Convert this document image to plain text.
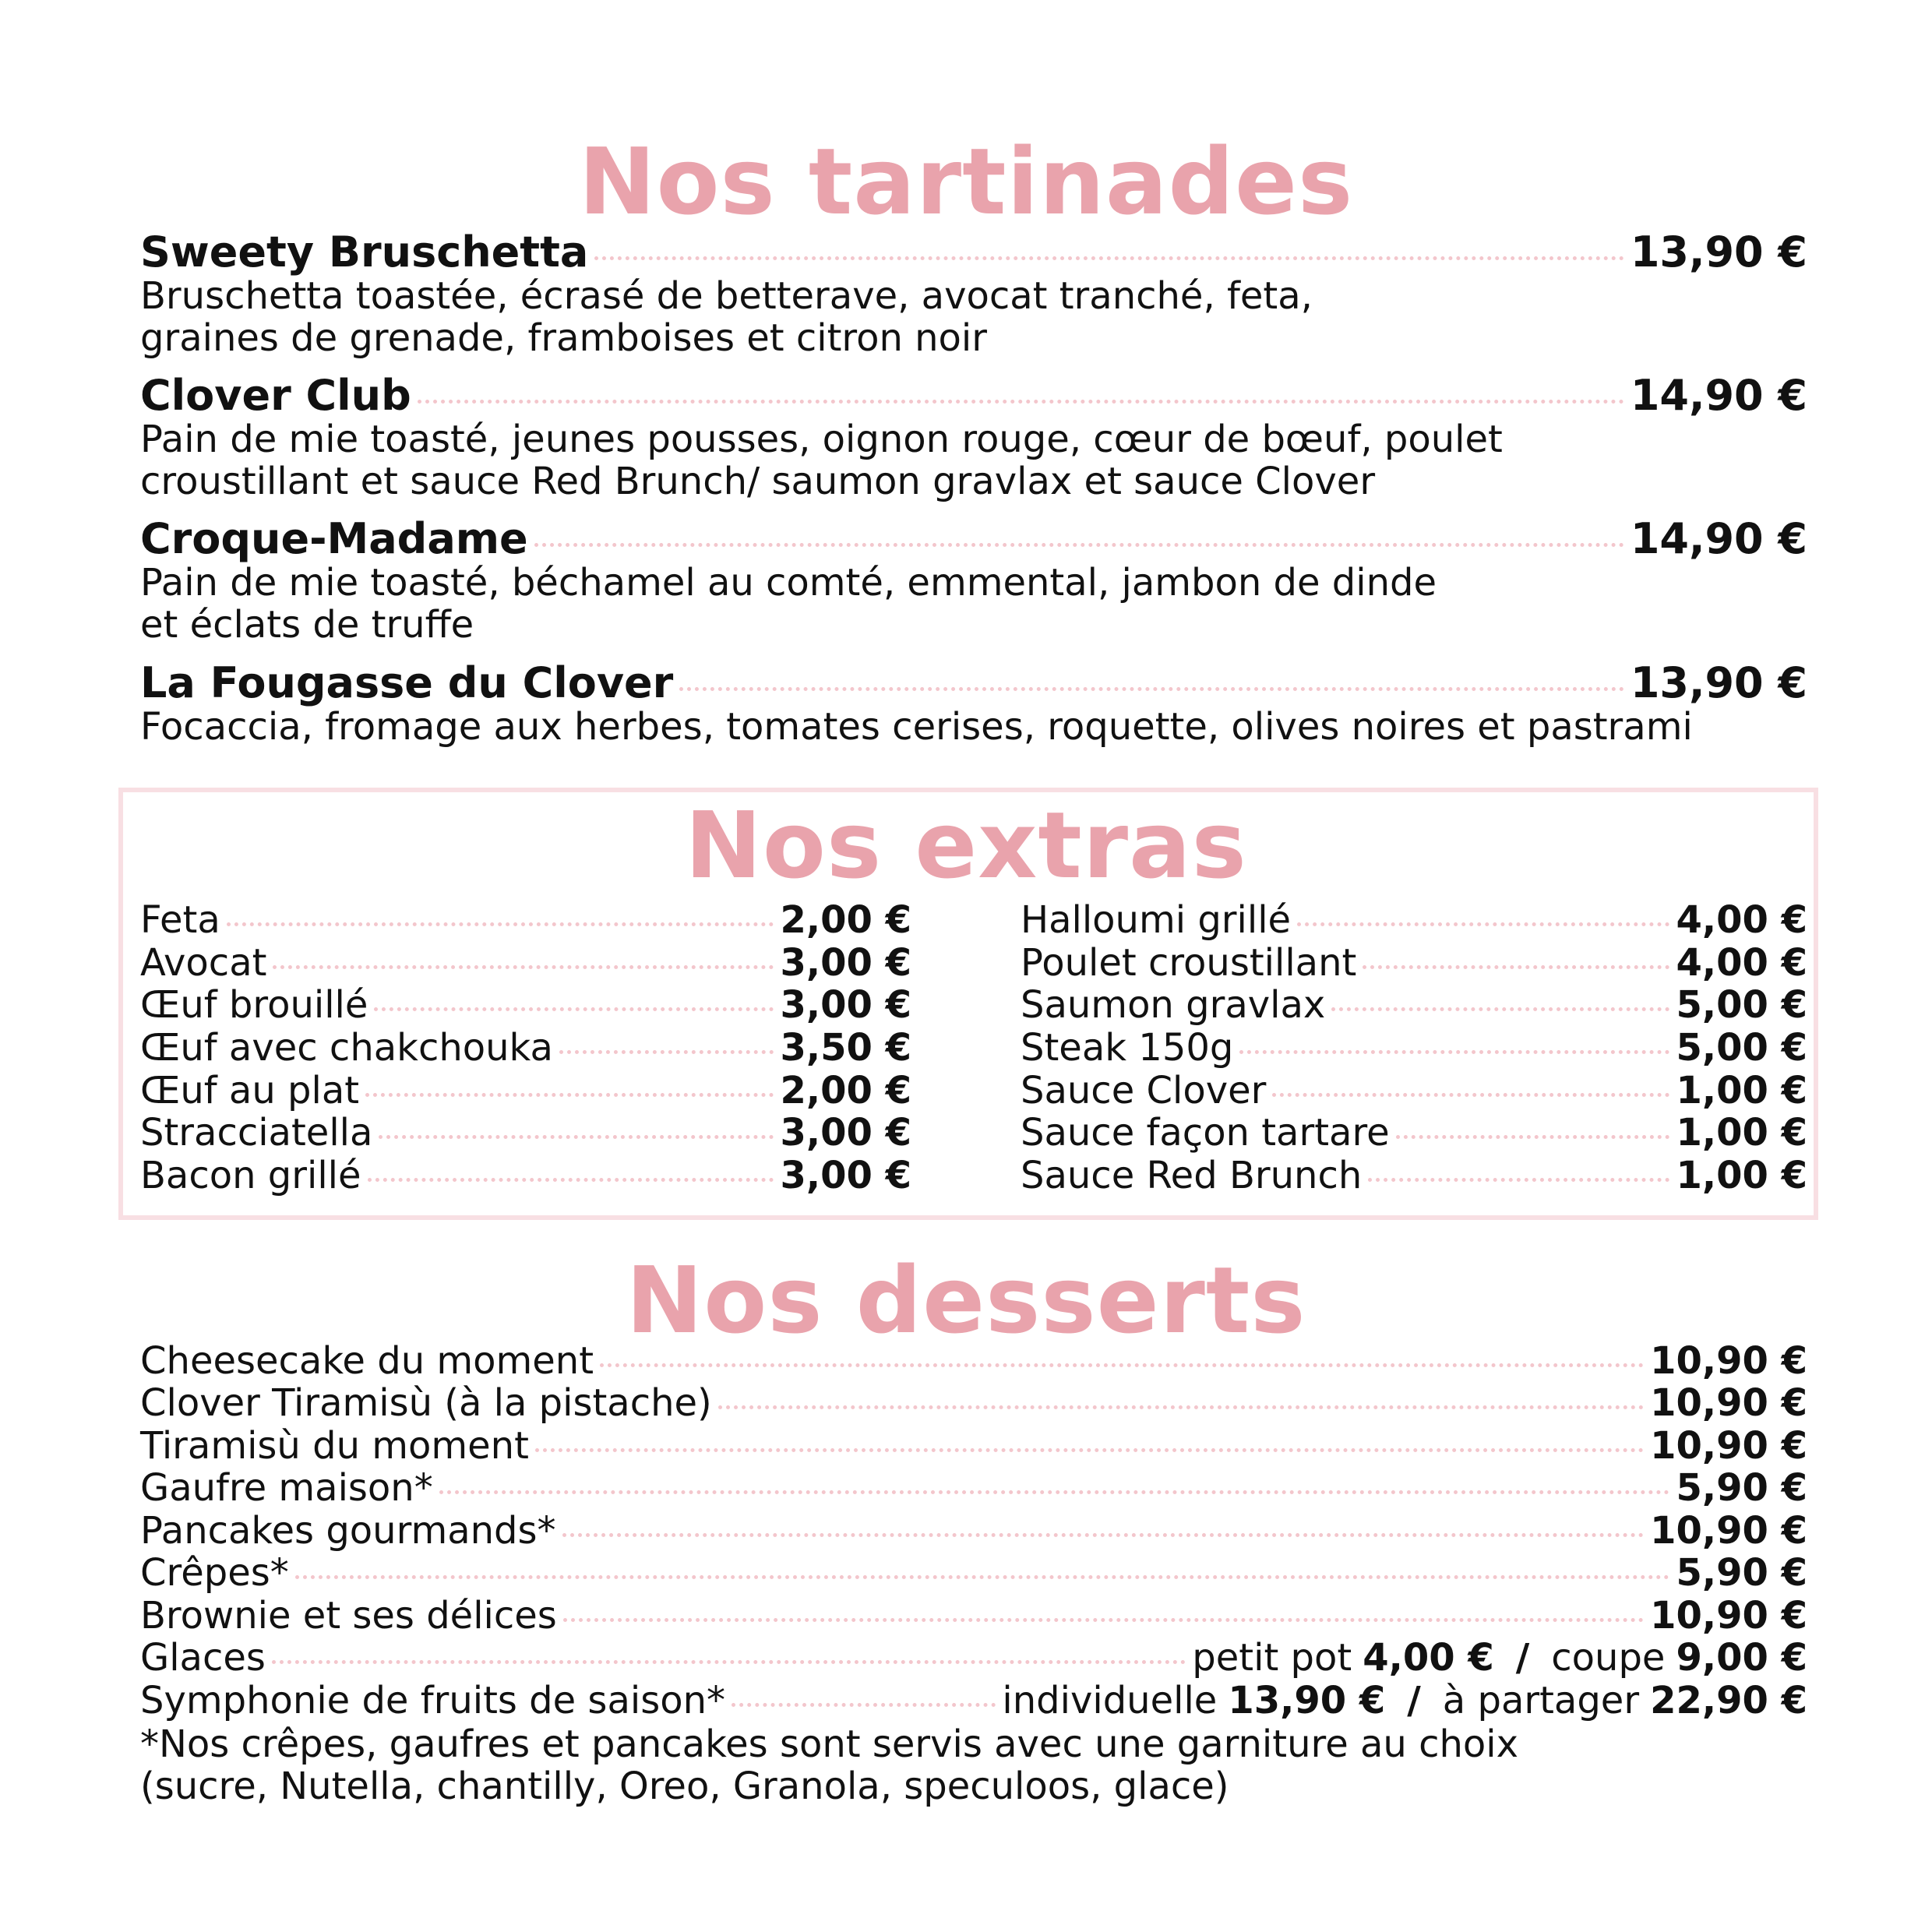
Nos tartinades
Sweety Bruschetta	13,90 €
Bruschetta toastée, écrasé de betterave, avocat tranché, feta,
graines de grenade, framboises et citron noir
Clover Club	14,90 €
Pain de mie toasté, jeunes pousses, oignon rouge, cœur de bœuf, poulet
croustillant et sauce Red Brunch/ saumon gravlax et sauce Clover
Croque-Madame	14,90 €
Pain de mie toasté, béchamel au comté, emmental, jambon de dinde
et éclats de truffe
La Fougasse du Clover	13,90 €
Focaccia, fromage aux herbes, tomates cerises, roquette, olives noires et pastrami
Nos extras
Feta	2,00 €
Avocat	3,00 €
Œuf brouillé	3,00 €
Œuf avec chakchouka	3,50 €
Œuf au plat	2,00 €
Stracciatella	3,00 €
Bacon grillé	3,00 €
Halloumi grillé	4,00 €
Poulet croustillant	4,00 €
Saumon gravlax	5,00 €
Steak 150g	5,00 €
Sauce Clover	1,00 €
Sauce façon tartare	1,00 €
Sauce Red Brunch	1,00 €
Nos desserts
Cheesecake du moment	10,90 €
Clover Tiramisù (à la pistache)	10,90 €
Tiramisù du moment	10,90 €
Gaufre maison*	5,90 €
Pancakes gourmands*	10,90 €
Crêpes*	5,90 €
Brownie et ses délices	10,90 €
Glaces	petit pot 4,00 € / coupe 9,00 €
Symphonie de fruits de saison*	individuelle 13,90 € / à partager 22,90 €
*Nos crêpes, gaufres et pancakes sont servis avec une garniture au choix
(sucre, Nutella, chantilly, Oreo, Granola, speculoos, glace)
